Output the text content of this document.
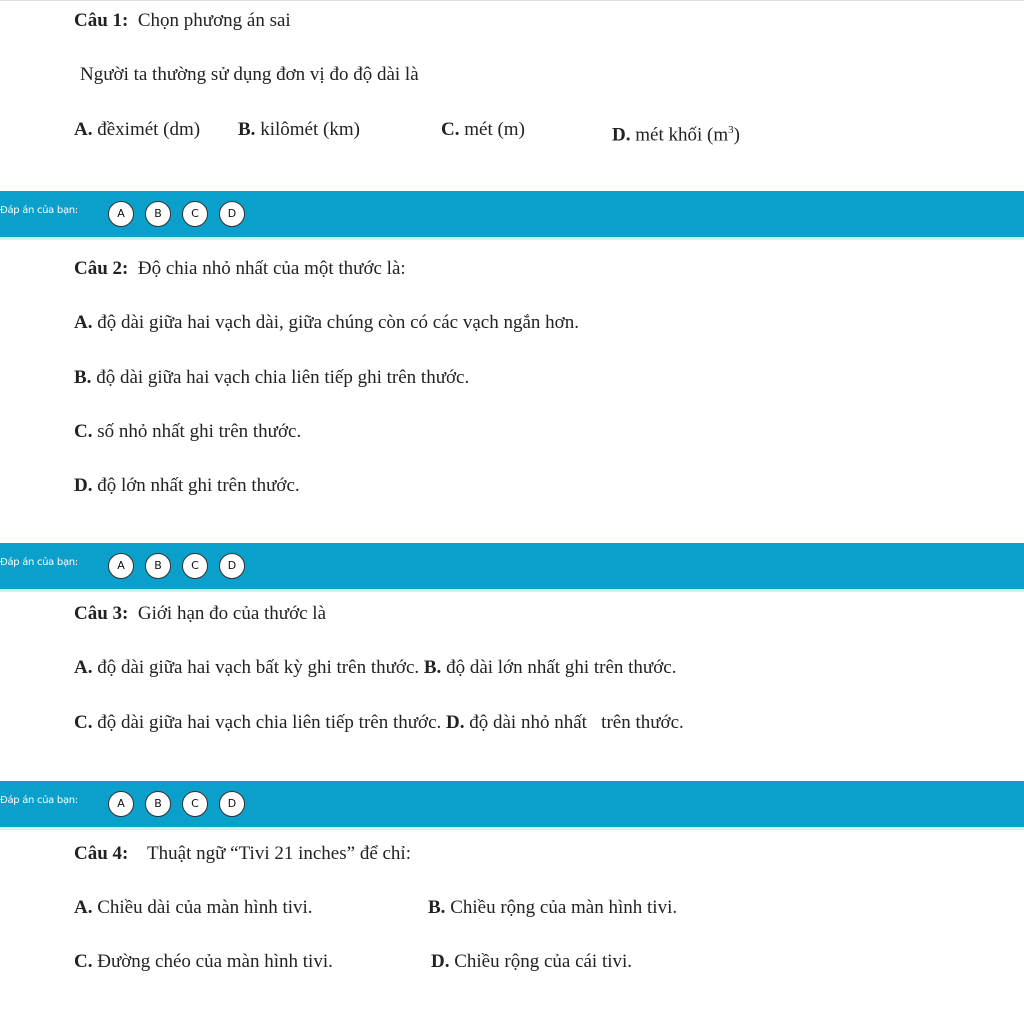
Câu 1: Chọn phương án sai
Người ta thường sử dụng đơn vị đo độ dài là
A. đềximét (dm) B. kilômét (km)	C. mét (m)	D. mét khối $(m^3)$
Đáp án của bạn:	A	B	C	D
Câu 2: Độ chia nhỏ nhất của một thước là:
A. độ dài giữa hai vạch dài, giữa chúng còn có các vạch ngắn hơn.
B. độ dài giữa hai vạch chia liên tiếp ghi trên thước.
C. số nhỏ nhất ghi trên thước.
D. độ lớn nhất ghi trên thước.
Đáp án của bạn:	A	B	C	D
Câu 3: Giới hạn đo của thước là
A. độ dài giữa hai vạch bất kỳ ghi trên thước. B. độ dài lớn nhất ghi trên thước.
C. độ dài giữa hai vạch chia liên tiếp trên thước. D. độ dài nhỏ nhất   trên thước.
Đáp án của bạn:	A	B	C	D
Câu 4: Thuật ngữ “Tivi 21 inches” để chỉ:
A. Chiều dài của màn hình tivi.	B. Chiều rộng của màn hình tivi.
C. Đường chéo của màn hình tivi.	D. Chiều rộng của cái tivi.
